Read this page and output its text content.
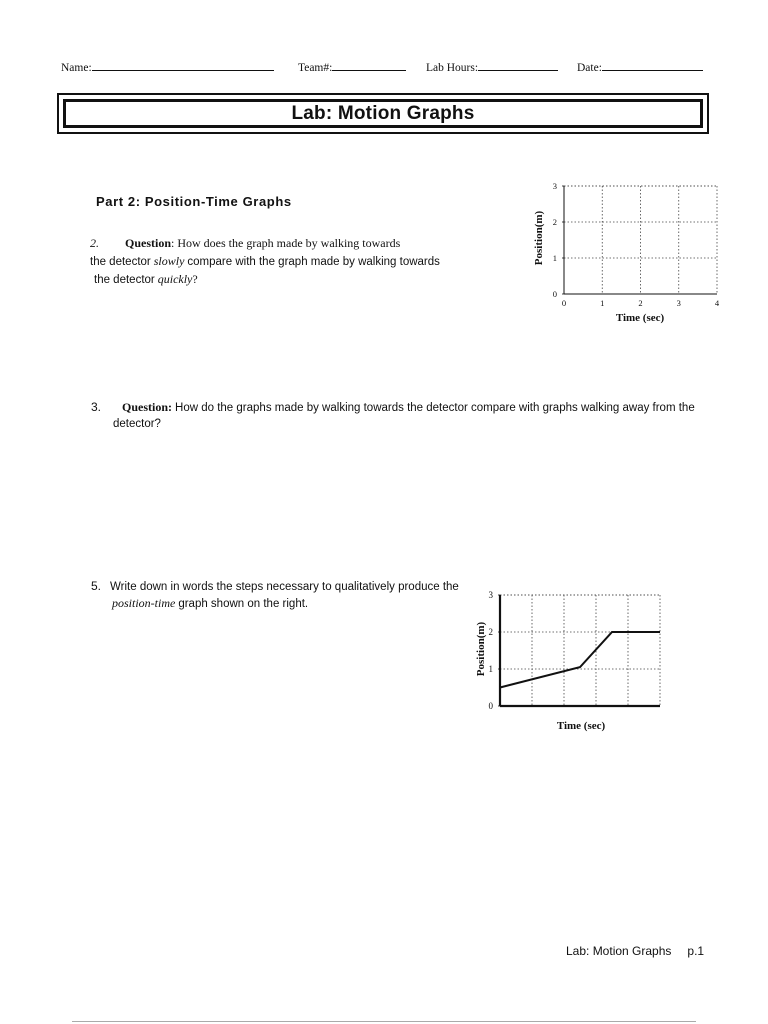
Name:	Team#:	Lab Hours:	Date:
Lab: Motion Graphs
Part 2: Position-Time Graphs
2. Question: How does the graph made by walking towards
the detector slowly compare with the graph made by walking towards
the detector quickly?
0
1
2
3
0	1	2	3	4
Position(m)
Time (sec)
3. Question: How do the graphs made by walking towards the detector compare with graphs walking away from the
detector?
5. Write down in words the steps necessary to qualitatively produce the
position-time graph shown on the right.
0
1
2
3
Position(m)
Time (sec)
Lab: Motion Graphs p.1
